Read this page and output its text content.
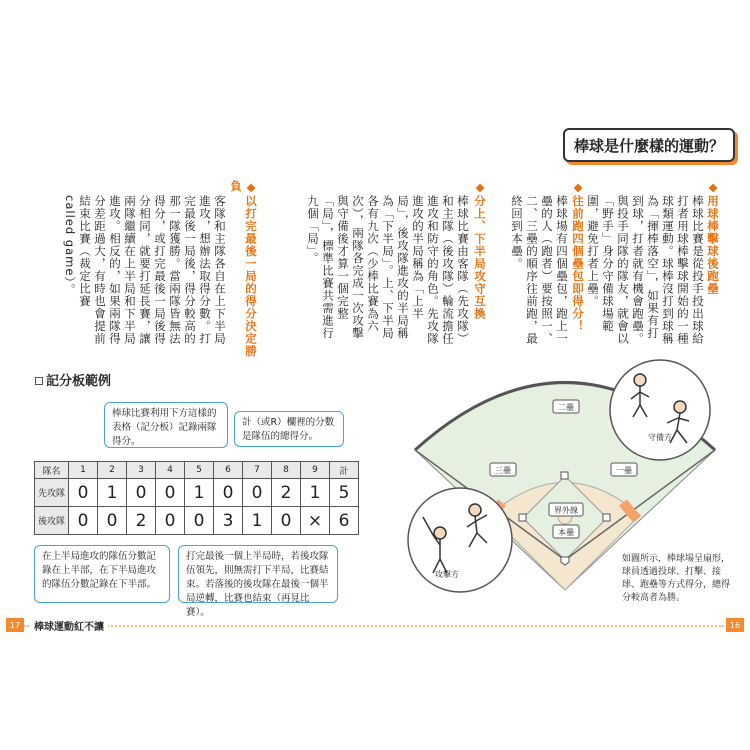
棒球是什麼樣的運動？
◆用球棒擊球後跑壘
棒球比賽是從投手投出球給打者用球棒擊球開始的一種球類運動。球棒沒打到球稱為「揮棒落空」，如果有打到球，打者就有機會跑壘。與投手同隊的隊友，就會以「野手」身分守備球場範圍，避免打者上壘。
◆往前跑四個壘包即得分！
棒球場有四個壘包，跑上一壘的人（跑者）要按照一、二、三壘的順序往前跑，最終回到本壘。
◆分上、下半局攻守互換
棒球比賽由客隊（先攻隊）和主隊（後攻隊）輪流擔任進攻和防守的角色。先攻隊進攻的半局稱為「上半局」，後攻隊進攻的半局稱為「下半局」。上、下半局各有九次（少棒比賽為六次），兩隊各完成一次攻擊與守備後才算一個完整「局」，標準比賽共需進行九個「局」。
◆以打完最後一局的得分決定勝負
客隊和主隊各自在上下半局進攻，想辦法取得分數。打完最後一局後，得分較高的那一隊獲勝。當兩隊皆無法得分，或打完最後一局後得分相同，就要打延長賽，讓兩隊繼續在上半局和下半局進攻。相反的，如果兩隊得分差距過大，有時也會提前結束比賽（裁定比賽called game）。
記分板範例
棒球比賽利用下方這樣的表格（記分板）記錄兩隊得分。
計（或R）欄裡的分數是隊伍的總得分。
隊名	1	2	3	4	5	6	7	8	9	計
先攻隊	0	1	0	0	1	0	0	2	1	5
後攻隊	0	0	2	0	0	3	1	0	×	6
在上半局進攻的隊伍分數記錄在上半部，在下半局進攻的隊伍分數記錄在下半部。
打完最後一個上半局時，若後攻隊伍領先，則無需打下半局，比賽結束。若落後的後攻隊在最後一個半局逆轉，比賽也結束（再見比賽）。
二壘
三壘	一壘
界外線
本壘
守備方
攻擊方
如圖所示，棒球場呈扇形，球員透過投球、打擊、接球、跑壘等方式得分，總得分較高者為勝。
17	棒球運動紅不讓	16
